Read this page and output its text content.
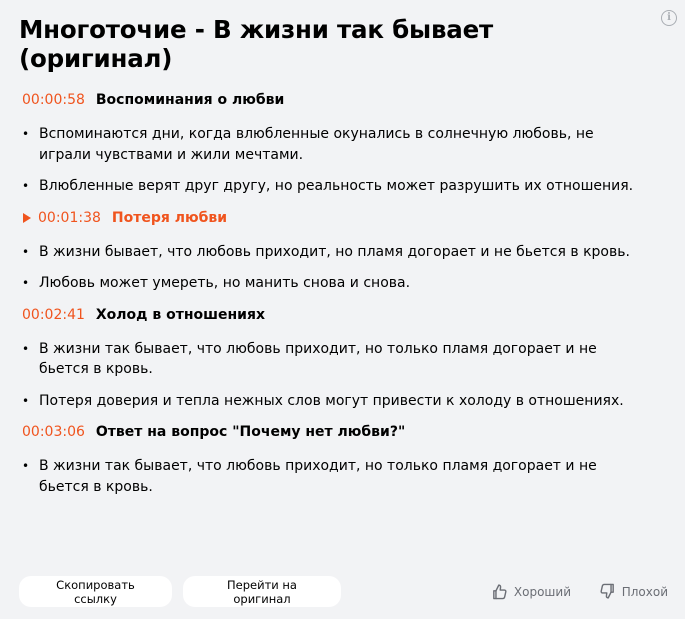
i
Многоточие - В жизни так бывает (оригинал)
00:00:58 Воспоминания о любви
• Вспоминаются дни, когда влюбленные окунались в солнечную любовь, не играли чувствами и жили мечтами.
• Влюбленные верят друг другу, но реальность может разрушить их отношения.
00:01:38 Потеря любви
• В жизни бывает, что любовь приходит, но пламя догорает и не бьется в кровь.
• Любовь может умереть, но манить снова и снова.
00:02:41 Холод в отношениях
• В жизни так бывает, что любовь приходит, но только пламя догорает и не бьется в кровь.
• Потеря доверия и тепла нежных слов могут привести к холоду в отношениях.
00:03:06 Ответ на вопрос "Почему нет любви?"
• В жизни так бывает, что любовь приходит, но только пламя догорает и не бьется в кровь.
Скопировать ссылку
Перейти на оригинал	Хороший	Плохой
